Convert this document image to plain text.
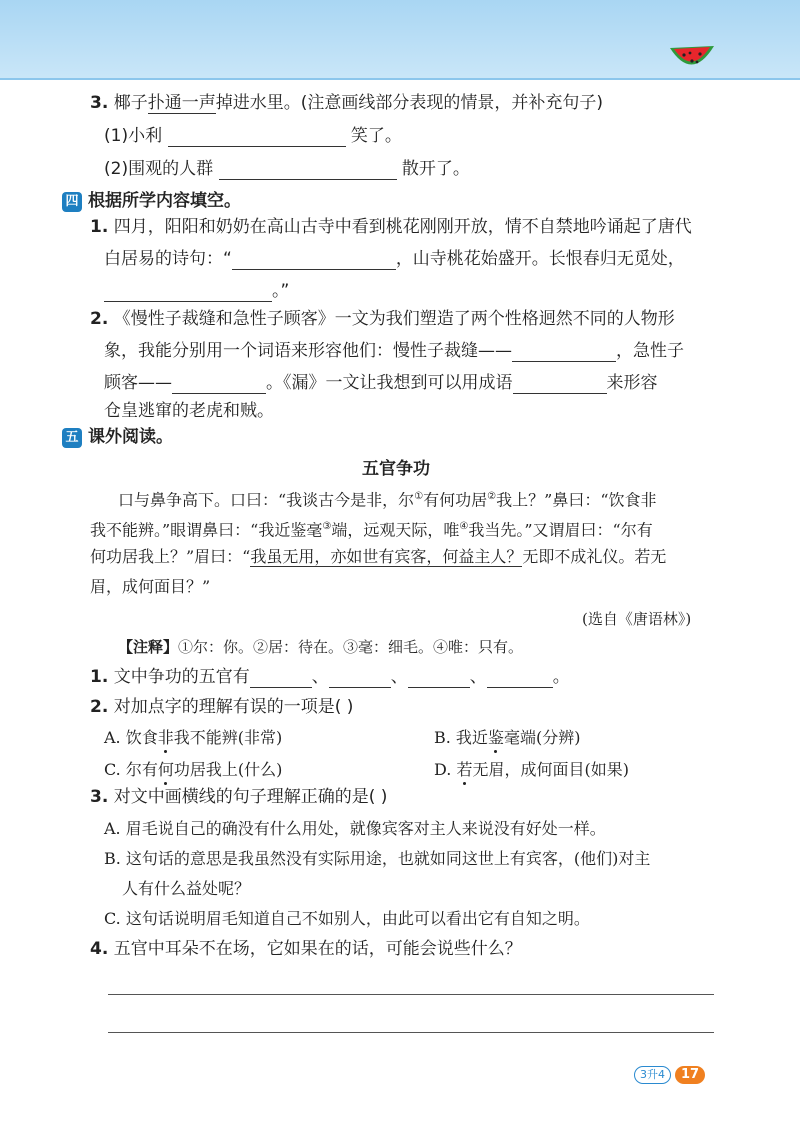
3. 椰子扑通一声掉进水里。(注意画线部分表现的情景，并补充句子)
(1)小利	笑了。
(2)围观的人群	散开了。
四 根据所学内容填空。
1. 四月，阳阳和奶奶在高山古寺中看到桃花刚刚开放，情不自禁地吟诵起了唐代
白居易的诗句：“	，山寺桃花始盛开。长恨春归无觅处，
。”
2. 《慢性子裁缝和急性子顾客》一文为我们塑造了两个性格迥然不同的人物形
象，我能分别用一个词语来形容他们：慢性子裁缝——	，急性子
顾客——	。《漏》一文让我想到可以用成语	来形容
仓皇逃窜的老虎和贼。
五 课外阅读。
五官争功
口与鼻争高下。口曰：“我谈古今是非，尔①有何功居②我上？”鼻曰：“饮食非
我不能辨。”眼谓鼻曰：“我近鉴毫③端，远观天际，唯④我当先。”又谓眉曰：“尔有
何功居我上？”眉曰：“我虽无用，亦如世有宾客，何益主人？无即不成礼仪。若无
眉，成何面目？”
(选自《唐语林》)
【注释】①尔：你。②居：待在。③毫：细毛。④唯：只有。
1. 文中争功的五官有	、	、	、	。
2. 对加点字的理解有误的一项是( )
A. 饮食非我不能辨(非常)	B. 我近鉴毫端(分辨)
C. 尔有何功居我上(什么)	D. 若无眉，成何面目(如果)
3. 对文中画横线的句子理解正确的是( )
A. 眉毛说自己的确没有什么用处，就像宾客对主人来说没有好处一样。
B. 这句话的意思是我虽然没有实际用途，也就如同这世上有宾客，(他们)对主
人有什么益处呢？
C. 这句话说明眉毛知道自己不如别人，由此可以看出它有自知之明。
4. 五官中耳朵不在场，它如果在的话，可能会说些什么？
3升4	17
